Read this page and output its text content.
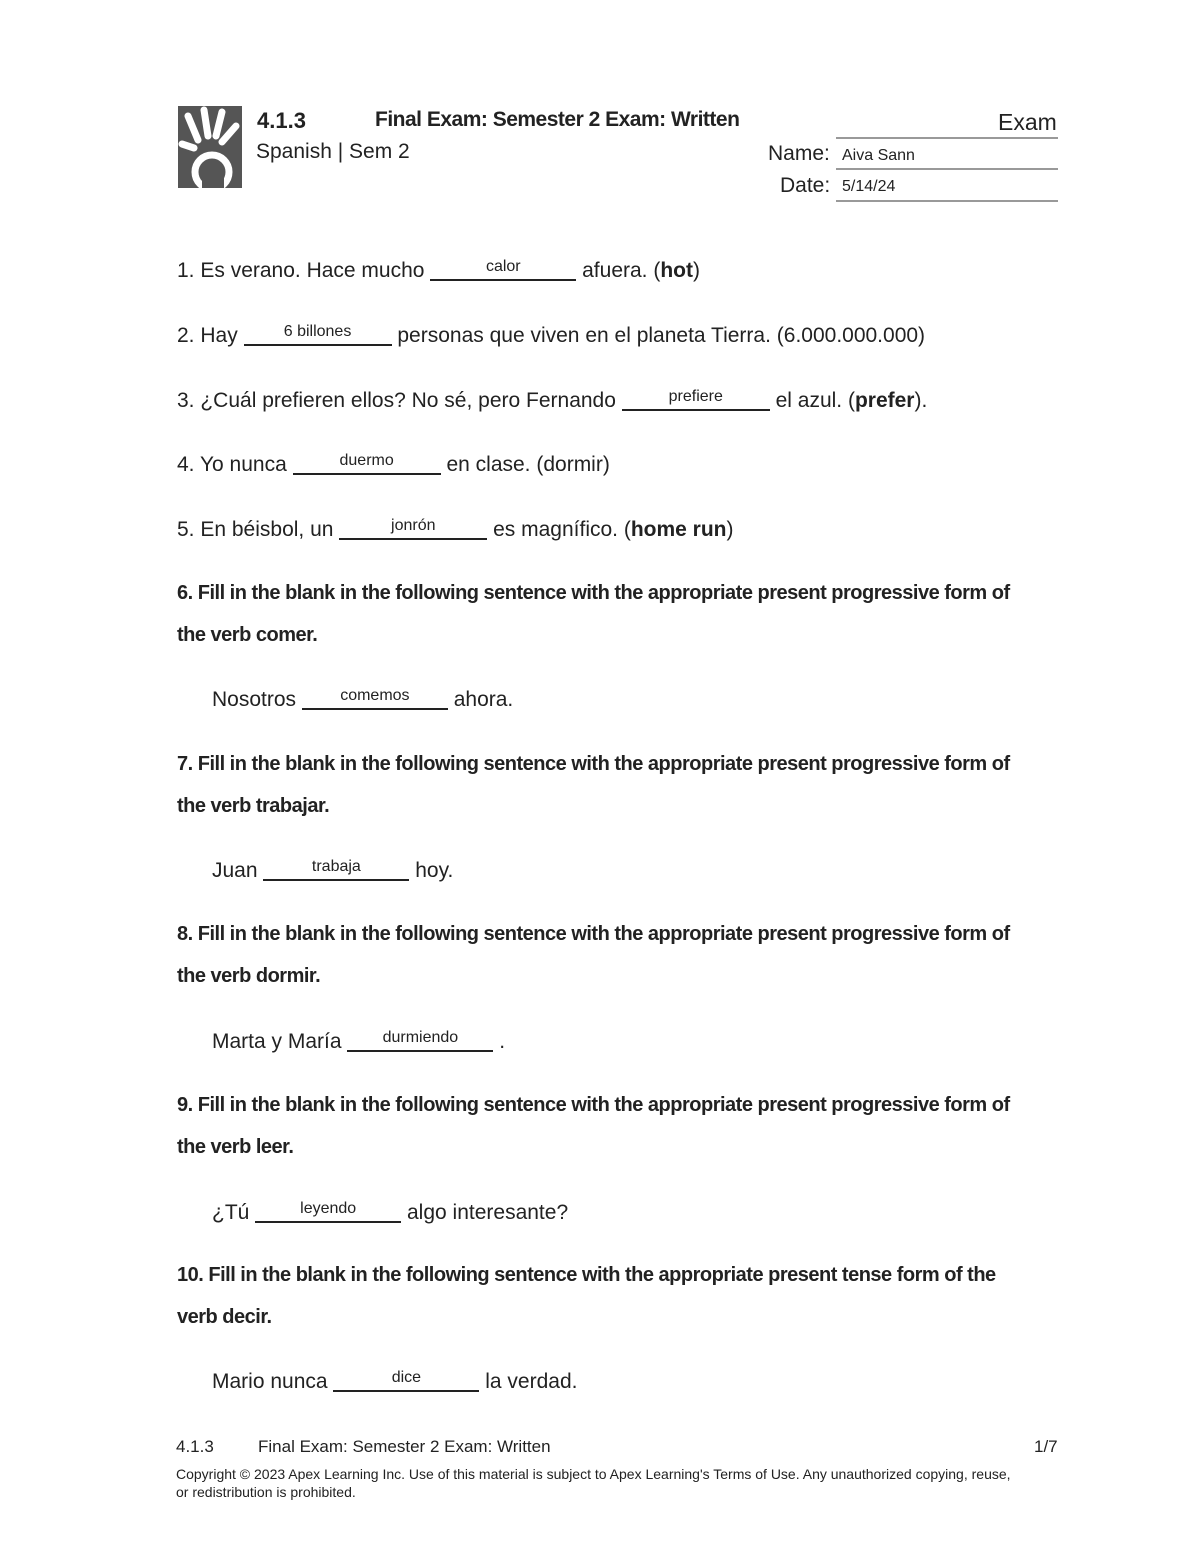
4.1.3	Final Exam: Semester 2 Exam: Written	Exam
Spanish | Sem 2	Name: Aiva Sann
Date: 5/14/24
1. Es verano. Hace mucho	calor	afuera. (hot)
2. Hay	6 billones	personas que viven en el planeta Tierra. (6.000.000.000)
3. ¿Cuál prefieren ellos? No sé, pero Fernando	prefiere	el azul. (prefer).
4. Yo nunca	duermo	en clase. (dormir)
5. En béisbol, un	jonrón	es magnífico. (home run)
6. Fill in the blank in the following sentence with the appropriate present progressive form of the verb comer.
Nosotros	comemos	ahora.
7. Fill in the blank in the following sentence with the appropriate present progressive form of the verb trabajar.
Juan	trabaja	hoy.
8. Fill in the blank in the following sentence with the appropriate present progressive form of the verb dormir.
Marta y María	durmiendo	.
9. Fill in the blank in the following sentence with the appropriate present progressive form of the verb leer.
¿Tú	leyendo	algo interesante?
10. Fill in the blank in the following sentence with the appropriate present tense form of the verb decir.
Mario nunca	dice	la verdad.
4.1.3	Final Exam: Semester 2 Exam: Written	1/7
Copyright © 2023 Apex Learning Inc. Use of this material is subject to Apex Learning's Terms of Use. Any unauthorized copying, reuse, or redistribution is prohibited.
